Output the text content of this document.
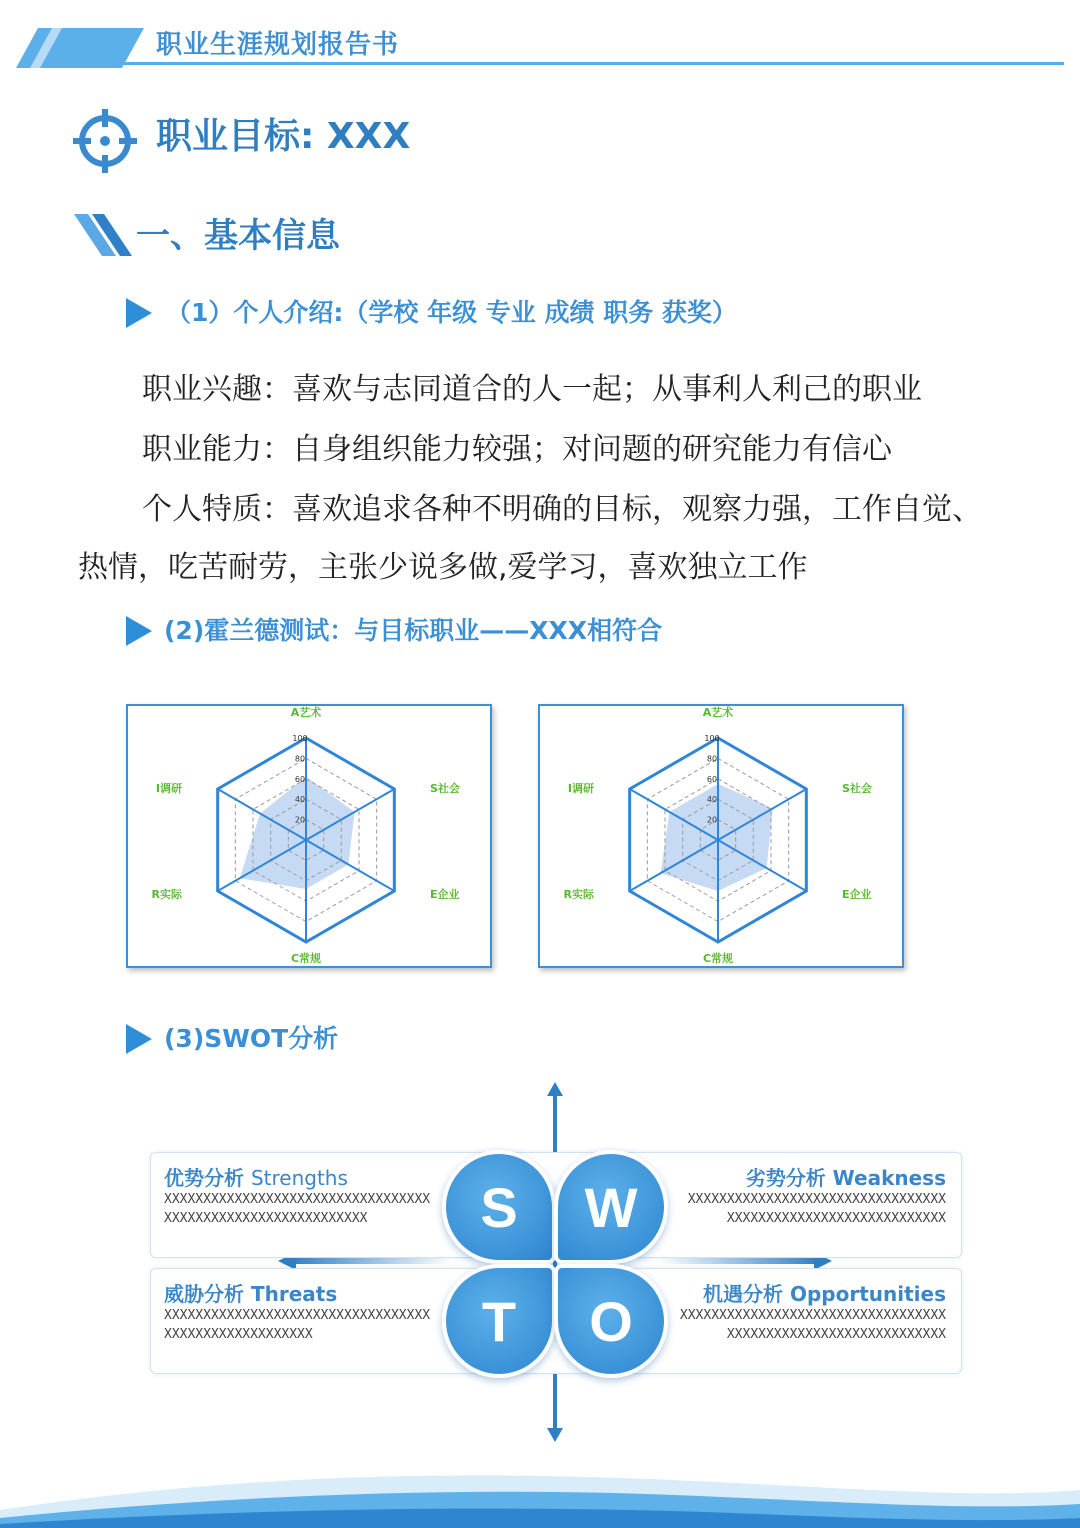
职业生涯规划报告书
职业目标: XXX
一、基本信息
（1）个人介绍:（学校 年级 专业 成绩 职务 获奖）
职业兴趣：喜欢与志同道合的人一起；从事利人利己的职业
职业能力：自身组织能力较强；对问题的研究能力有信心
个人特质：喜欢追求各种不明确的目标，观察力强，工作自觉、
热情，吃苦耐劳，主张少说多做,爱学习，喜欢独立工作
(2)霍兰德测试：与目标职业——XXX相符合
20
40
60
80
100
A艺术
S社会
E企业
C常规
R实际
I调研
20
40
60
80
100
A艺术
S社会
E企业
C常规
R实际
I调研
(3)SWOT分析
优势分析 Strengths
XXXXXXXXXXXXXXXXXXXXXXXXXXXXXXXXXX
XXXXXXXXXXXXXXXXXXXXXXXXXX
劣势分析 Weakness
XXXXXXXXXXXXXXXXXXXXXXXXXXXXXXXXX
XXXXXXXXXXXXXXXXXXXXXXXXXXXX
威胁分析 Threats
XXXXXXXXXXXXXXXXXXXXXXXXXXXXXXXXXX
XXXXXXXXXXXXXXXXXXX
机遇分析 Opportunities
XXXXXXXXXXXXXXXXXXXXXXXXXXXXXXXXXX
XXXXXXXXXXXXXXXXXXXXXXXXXXXX
S	W
T	O
